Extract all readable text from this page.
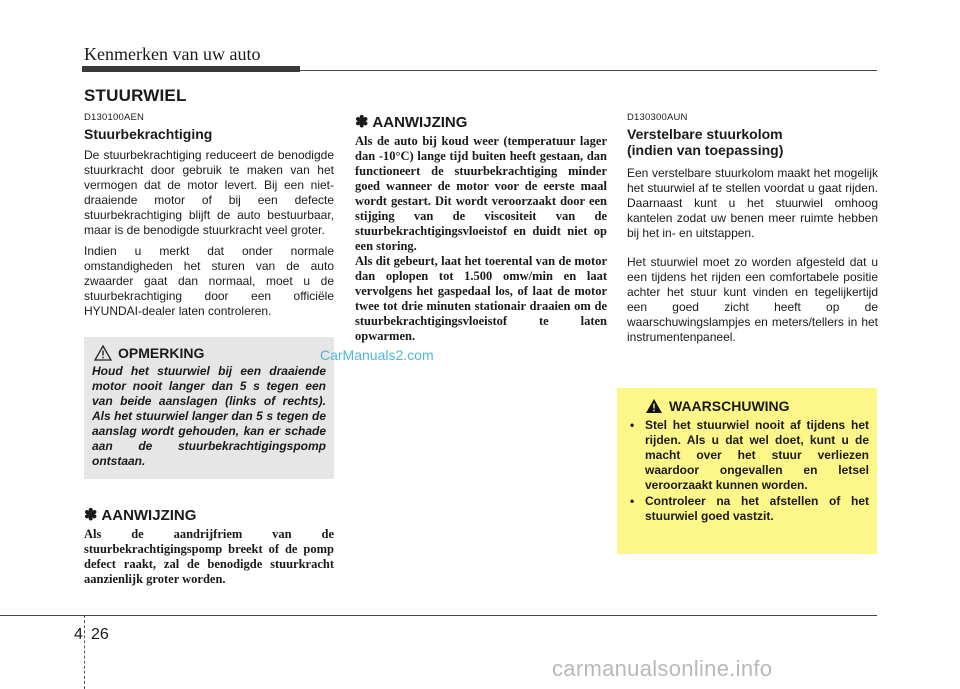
Kenmerken van uw auto
STUURWIEL
D130100AEN
Stuurbekrachtiging

De stuurbekrachtiging reduceert de benodigde stuurkracht door gebruik te maken van het vermogen dat de motor levert. Bij een niet-draaiende motor of bij een defecte stuurbekrachtiging blijft de auto bestuurbaar, maar is de benodigde stuurkracht veel groter.

Indien u merkt dat onder normale omstandigheden het sturen van de auto zwaarder gaat dan normaal, moet u de stuurbekrachtiging door een officiële HYUNDAI-dealer laten controleren.

OPMERKING

Houd het stuurwiel bij een draaiende motor nooit langer dan 5 s tegen een van beide aanslagen (links of rechts). Als het stuurwiel langer dan 5 s tegen de aanslag wordt gehouden, kan er schade aan de stuurbekrachtigingspomp ontstaan.

✽ AANWIJZING

Als de aandrijfriem van de stuurbekrachtigingspomp breekt of de pomp defect raakt, zal de benodigde stuurkracht aanzienlijk groter worden.

✽ AANWIJZING

Als de auto bij koud weer (temperatuur lager dan -10°C) lange tijd buiten heeft gestaan, dan functioneert de stuurbekrachtiging minder goed wanneer de motor voor de eerste maal wordt gestart. Dit wordt veroorzaakt door een stijging van de viscositeit van de stuurbekrachtigingsvloeistof en duidt niet op een storing.

Als dit gebeurt, laat het toerental van de motor dan oplopen tot 1.500 omw/min en laat vervolgens het gaspedaal los, of laat de motor twee tot drie minuten stationair draaien om de stuurbekrachtigingsvloeistof te laten opwarmen.

D130300AUN
Verstelbare stuurkolom
(indien van toepassing)

Een verstelbare stuurkolom maakt het mogelijk het stuurwiel af te stellen voordat u gaat rijden. Daarnaast kunt u het stuurwiel omhoog kantelen zodat uw benen meer ruimte hebben bij het in- en uitstappen.

Het stuurwiel moet zo worden afgesteld dat u een tijdens het rijden een comfortabele positie achter het stuur kunt vinden en tegelijkertijd een goed zicht heeft op de waarschuwingslampjes en meters/tellers in het instrumentenpaneel.

WAARSCHUWING
• Stel het stuurwiel nooit af tijdens het rijden. Als u dat wel doet, kunt u de macht over het stuur verliezen waardoor ongevallen en letsel veroorzaakt kunnen worden.
• Controleer na het afstellen of het stuurwiel goed vastzit.
CarManuals2.com
4 26
carmanualsonline.info
